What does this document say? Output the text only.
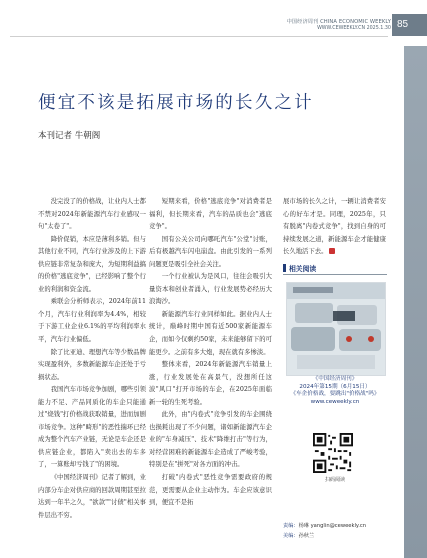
中国经济周刊 CHINA ECONOMIC WEEKLY
WWW.CEWEEKLY.CN 2025.1.30 85
便宜不该是拓展市场的长久之计
本刊记者 牛朝阁

没完没了的价格战，让业内人士都不禁对2024年新能源汽车行业感叹一句"太卷了"。

降价促销，本应是薄利多销。但与其他行业不同，汽车行业涉及的上下游供应链非常复杂和庞大，为短期利益搞的价格"逃底竞争"，已经影响了整个行业的利润和资金流。

乘联会分析师表示，2024年前11个月，汽车行业利润率为4.4%，相较于下游工业企业6.1%的平均利润率水平，汽车行业偏低。

除了比亚迪、理想汽车等少数品牌实现盈利外，多数新能源车企还处于亏损状态。

我国汽车市场竞争加剧，哪些引领能力不足、产品同质化的车企只能通过"烧钱"打价格战获取销量，进而加剧市场竞争。这种"畸形"的恶性揣环已经成为整个汽车产业链，无论是车企还是供应链企业，都陷入"卖出去的车多了，一算账却亏钱了"的困境。

《中国经济周刊》记者了解到，业内部分车企对供应商的回款周期甚至拉达到一年半之久，"欲款""讨债"相关事件层出不穷。

短期来看，价格"逃底竞争"对消费者是福利，但长期来看，汽车的品质也会"逃底竞争"。

国有公关公司向哪吒汽车"公堂"讨账，后有极越汽车闪电崩盘。由此引发的一系列问题更是吸引全社会关注。

一个行业被认为是风口，往往会吸引大量资本和创业者涌入，行业发展势必经历大浪淘沙。

新能源汽车行业同样如此。据业内人士统计，巅峰时期中国有近500家新能源车企，而如今仅剩约50家，未来能够留下的可能更少。之前有多大炮，现在就有多惨淡。

整体来看，2024年新能源汽车销量上涨，行业发展处在高景气，没想所任这波"风口"打开市场的车企，在2025年面临新一轮的生死考验。

此外，由"内卷式"竞争引发的车企围绕也损耗出现了不少问题，诸如新能源汽车企业的"车身减压"、技术"降维打击"等行为，对经营困难的新能源车企造成了严峻考验，特别是在"拼死"对各方面的冲击。

打破"内卷式"恶性竞争需要政府的规范，更需要从企业主动作为。车企应该意识到，便宜不是拓

展市场的长久之计，一辆让消费者安心的好车才是。同理，2025年，只有脱离"内卷式竞争"，找到自身的可持续发展之道，新能源车企才能健康长久地活下去。

相关阅读
《中国经济周刊》
2024年第15期（6月15日）
《车企价格战，要跳出"价格战"吗》
www.ceweekly.cn
扫码阅读
责编：杨琳 yanglin@ceweekly.cn
美编：孙秋兰
